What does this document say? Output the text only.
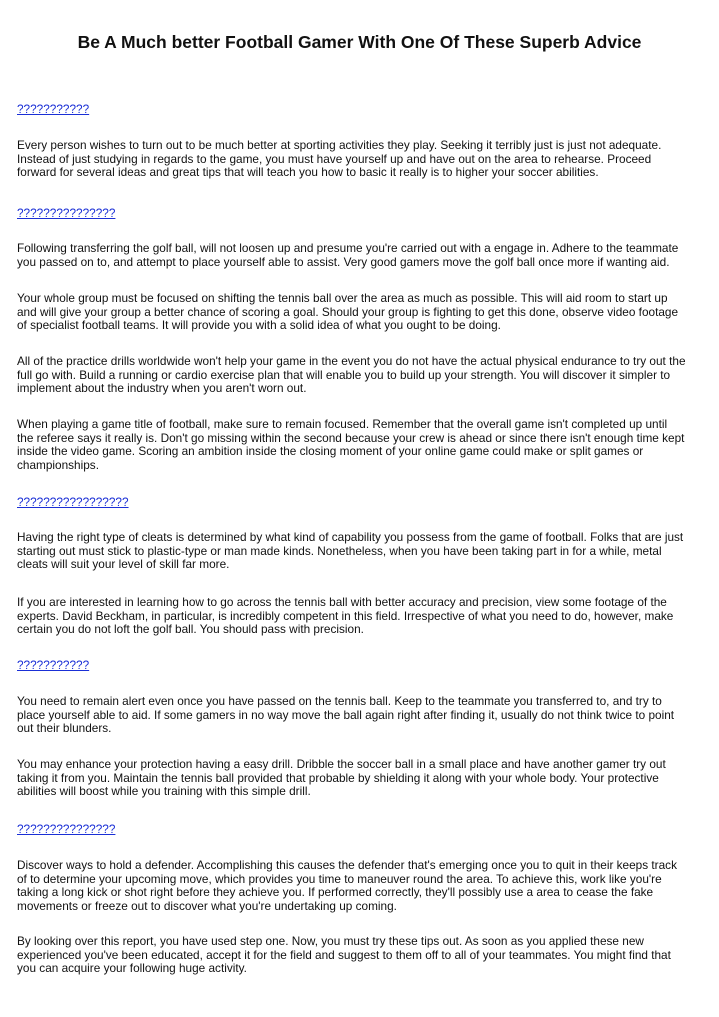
Be A Much better Football Gamer With One Of These Superb Advice
???????????
Every person wishes to turn out to be much better at sporting activities they play. Seeking it terribly just is just not adequate.
Instead of just studying in regards to the game, you must have yourself up and have out on the area to rehearse. Proceed
forward for several ideas and great tips that will teach you how to basic it really is to higher your soccer abilities.
???????????????
Following transferring the golf ball, will not loosen up and presume you're carried out with a engage in. Adhere to the teammate
you passed on to, and attempt to place yourself able to assist. Very good gamers move the golf ball once more if wanting aid.
Your whole group must be focused on shifting the tennis ball over the area as much as possible. This will aid room to start up
and will give your group a better chance of scoring a goal. Should your group is fighting to get this done, observe video footage
of specialist football teams. It will provide you with a solid idea of what you ought to be doing.
All of the practice drills worldwide won't help your game in the event you do not have the actual physical endurance to try out the
full go with. Build a running or cardio exercise plan that will enable you to build up your strength. You will discover it simpler to
implement about the industry when you aren't worn out.
When playing a game title of football, make sure to remain focused. Remember that the overall game isn't completed up until
the referee says it really is. Don't go missing within the second because your crew is ahead or since there isn't enough time kept
inside the video game. Scoring an ambition inside the closing moment of your online game could make or split games or
championships.
?????????????????
Having the right type of cleats is determined by what kind of capability you possess from the game of football. Folks that are just
starting out must stick to plastic-type or man made kinds. Nonetheless, when you have been taking part in for a while, metal
cleats will suit your level of skill far more.
If you are interested in learning how to go across the tennis ball with better accuracy and precision, view some footage of the
experts. David Beckham, in particular, is incredibly competent in this field. Irrespective of what you need to do, however, make
certain you do not loft the golf ball. You should pass with precision.
???????????
You need to remain alert even once you have passed on the tennis ball. Keep to the teammate you transferred to, and try to
place yourself able to aid. If some gamers in no way move the ball again right after finding it, usually do not think twice to point
out their blunders.
You may enhance your protection having a easy drill. Dribble the soccer ball in a small place and have another gamer try out
taking it from you. Maintain the tennis ball provided that probable by shielding it along with your whole body. Your protective
abilities will boost while you training with this simple drill.
???????????????
Discover ways to hold a defender. Accomplishing this causes the defender that's emerging once you to quit in their keeps track
of to determine your upcoming move, which provides you time to maneuver round the area. To achieve this, work like you're
taking a long kick or shot right before they achieve you. If performed correctly, they'll possibly use a area to cease the fake
movements or freeze out to discover what you're undertaking up coming.
By looking over this report, you have used step one. Now, you must try these tips out. As soon as you applied these new
experienced you've been educated, accept it for the field and suggest to them off to all of your teammates. You might find that
you can acquire your following huge activity.
